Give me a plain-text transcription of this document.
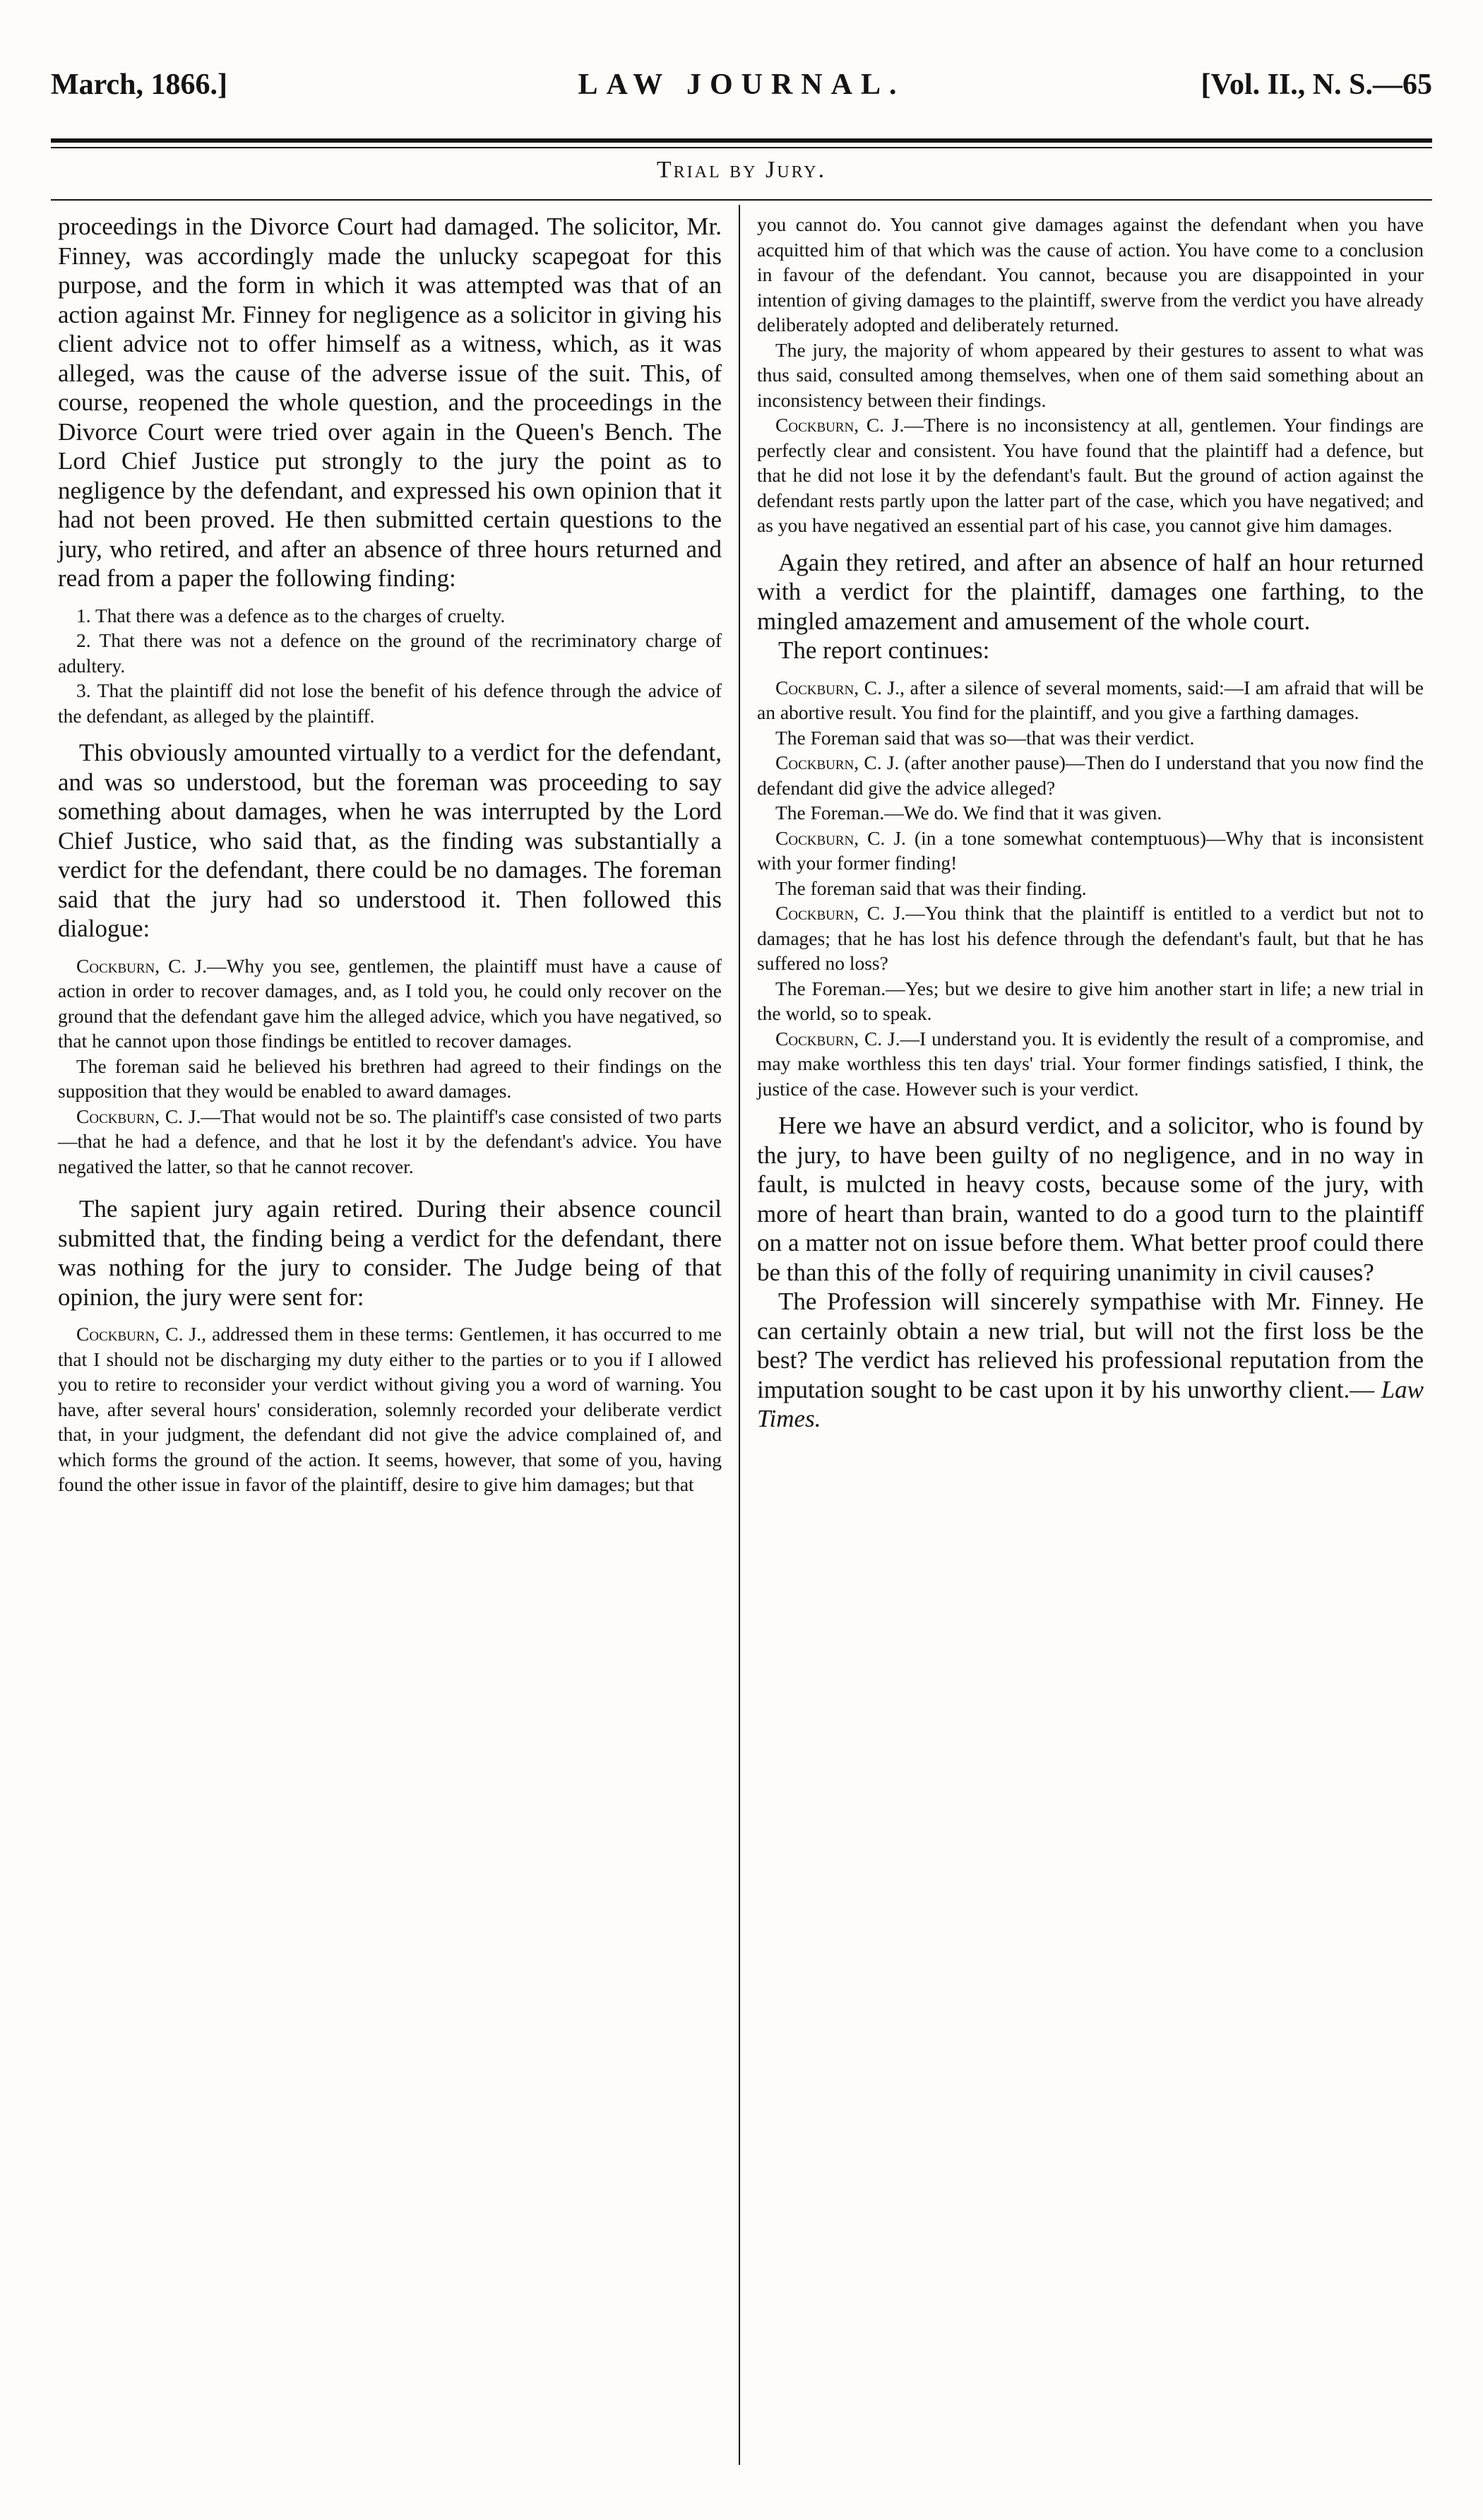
March, 1866.]	LAW JOURNAL.	[Vol. II., N. S.—65
Trial by Jury.

proceedings in the Divorce Court had damaged. The solicitor, Mr. Finney, was accordingly made the unlucky scapegoat for this purpose, and the form in which it was attempted was that of an action against Mr. Finney for negligence as a solicitor in giving his client advice not to offer himself as a witness, which, as it was alleged, was the cause of the adverse issue of the suit. This, of course, reopened the whole question, and the proceedings in the Divorce Court were tried over again in the Queen's Bench. The Lord Chief Justice put strongly to the jury the point as to negligence by the defendant, and expressed his own opinion that it had not been proved. He then submitted certain questions to the jury, who retired, and after an absence of three hours returned and read from a paper the following finding:

1. That there was a defence as to the charges of cruelty.

2. That there was not a defence on the ground of the recriminatory charge of adultery.

3. That the plaintiff did not lose the benefit of his defence through the advice of the defendant, as alleged by the plaintiff.

This obviously amounted virtually to a verdict for the defendant, and was so understood, but the foreman was proceeding to say something about damages, when he was interrupted by the Lord Chief Justice, who said that, as the finding was substantially a verdict for the defendant, there could be no damages. The foreman said that the jury had so understood it. Then followed this dialogue:

Cockburn, C. J.—Why you see, gentlemen, the plaintiff must have a cause of action in order to recover damages, and, as I told you, he could only recover on the ground that the defendant gave him the alleged advice, which you have negatived, so that he cannot upon those findings be entitled to recover damages.

The foreman said he believed his brethren had agreed to their findings on the supposition that they would be enabled to award damages.

Cockburn, C. J.—That would not be so. The plaintiff's case consisted of two parts—that he had a defence, and that he lost it by the defendant's advice. You have negatived the latter, so that he cannot recover.

The sapient jury again retired. During their absence council submitted that, the finding being a verdict for the defendant, there was nothing for the jury to consider. The Judge being of that opinion, the jury were sent for:

Cockburn, C. J., addressed them in these terms: Gentlemen, it has occurred to me that I should not be discharging my duty either to the parties or to you if I allowed you to retire to reconsider your verdict without giving you a word of warning. You have, after several hours' consideration, solemnly recorded your deliberate verdict that, in your judgment, the defendant did not give the advice complained of, and which forms the ground of the action. It seems, however, that some of you, having found the other issue in favor of the plaintiff, desire to give him damages; but that

you cannot do. You cannot give damages against the defendant when you have acquitted him of that which was the cause of action. You have come to a conclusion in favour of the defendant. You cannot, because you are disappointed in your intention of giving damages to the plaintiff, swerve from the verdict you have already deliberately adopted and deliberately returned.

The jury, the majority of whom appeared by their gestures to assent to what was thus said, consulted among themselves, when one of them said something about an inconsistency between their findings.

Cockburn, C. J.—There is no inconsistency at all, gentlemen. Your findings are perfectly clear and consistent. You have found that the plaintiff had a defence, but that he did not lose it by the defendant's fault. But the ground of action against the defendant rests partly upon the latter part of the case, which you have negatived; and as you have negatived an essential part of his case, you cannot give him damages.

Again they retired, and after an absence of half an hour returned with a verdict for the plaintiff, damages one farthing, to the mingled amazement and amusement of the whole court.

The report continues:

Cockburn, C. J., after a silence of several moments, said:—I am afraid that will be an abortive result. You find for the plaintiff, and you give a farthing damages.

The Foreman said that was so—that was their verdict.

Cockburn, C. J. (after another pause)—Then do I understand that you now find the defendant did give the advice alleged?

The Foreman.—We do. We find that it was given.

Cockburn, C. J. (in a tone somewhat contemptuous)—Why that is inconsistent with your former finding!

The foreman said that was their finding.

Cockburn, C. J.—You think that the plaintiff is entitled to a verdict but not to damages; that he has lost his defence through the defendant's fault, but that he has suffered no loss?

The Foreman.—Yes; but we desire to give him another start in life; a new trial in the world, so to speak.

Cockburn, C. J.—I understand you. It is evidently the result of a compromise, and may make worthless this ten days' trial. Your former findings satisfied, I think, the justice of the case. However such is your verdict.

Here we have an absurd verdict, and a solicitor, who is found by the jury, to have been guilty of no negligence, and in no way in fault, is mulcted in heavy costs, because some of the jury, with more of heart than brain, wanted to do a good turn to the plaintiff on a matter not on issue before them. What better proof could there be than this of the folly of requiring unanimity in civil causes?

The Profession will sincerely sympathise with Mr. Finney. He can certainly obtain a new trial, but will not the first loss be the best? The verdict has relieved his professional reputation from the imputation sought to be cast upon it by his unworthy client.— Law Times.
